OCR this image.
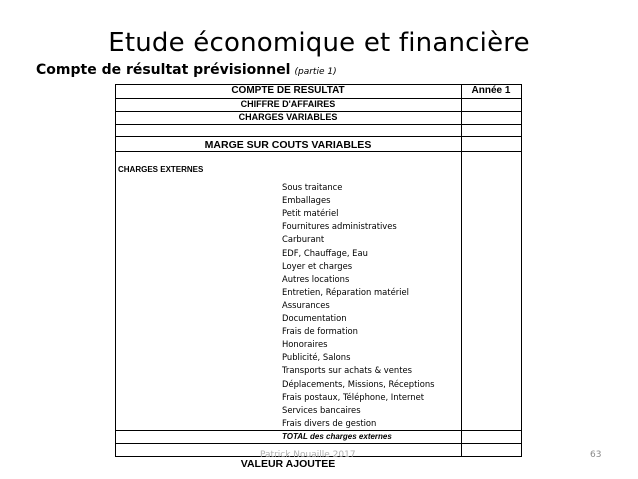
Etude économique et financière
Compte de résultat prévisionnel (partie 1)
COMPTE DE RESULTAT	Année 1
CHIFFRE D'AFFAIRES
CHARGES VARIABLES
MARGE SUR COUTS VARIABLES
CHARGES EXTERNES
Sous traitance
Emballages
Petit matériel
Fournitures administratives
Carburant
EDF, Chauffage, Eau
Loyer et charges
Autres locations
Entretien, Réparation matériel
Assurances
Documentation
Frais de formation
Honoraires
Publicité, Salons
Transports sur achats & ventes
Déplacements, Missions, Réceptions
Frais postaux, Téléphone, Internet
Services bancaires
Frais divers de gestion
TOTAL des charges externes
VALEUR AJOUTEE
Patrick Nouaille 2017	63
